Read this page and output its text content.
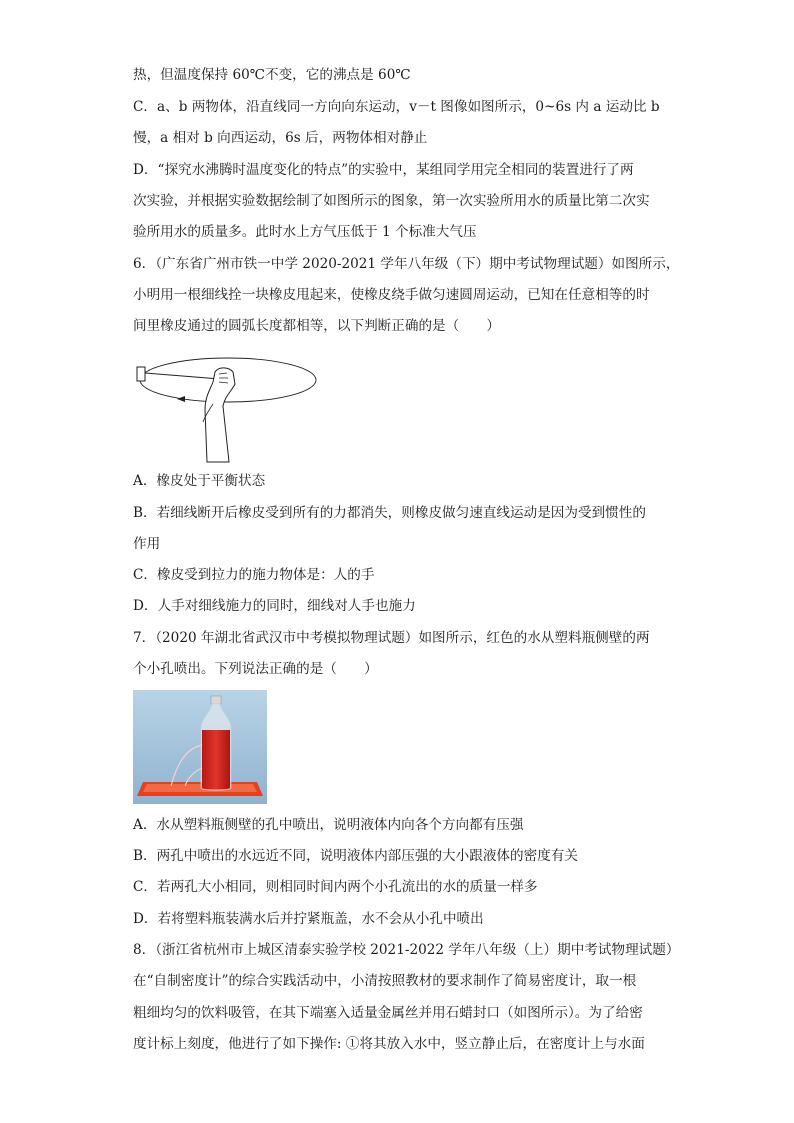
热，但温度保持 60℃不变，它的沸点是 60℃
C．a、b 两物体，沿直线同一方向向东运动，v－t 图像如图所示，0~6s 内 a 运动比 b
慢，a 相对 b 向西运动，6s 后，两物体相对静止
D．“探究水沸腾时温度变化的特点”的实验中，某组同学用完全相同的装置进行了两
次实验，并根据实验数据绘制了如图所示的图象，第一次实验所用水的质量比第二次实
验所用水的质量多。此时水上方气压低于 1 个标准大气压
6．（广东省广州市铁一中学 2020-2021 学年八年级（下）期中考试物理试题）如图所示，
小明用一根细线拴一块橡皮甩起来，使橡皮绕手做匀速圆周运动，已知在任意相等的时
间里橡皮通过的圆弧长度都相等，以下判断正确的是（　　）
A．橡皮处于平衡状态
B．若细线断开后橡皮受到所有的力都消失，则橡皮做匀速直线运动是因为受到惯性的
作用
C．橡皮受到拉力的施力物体是：人的手
D．人手对细线施力的同时，细线对人手也施力
7．（2020 年湖北省武汉市中考模拟物理试题）如图所示，红色的水从塑料瓶侧壁的两
个小孔喷出。下列说法正确的是（　　）
A．水从塑料瓶侧壁的孔中喷出，说明液体内向各个方向都有压强
B．两孔中喷出的水远近不同，说明液体内部压强的大小跟液体的密度有关
C．若两孔大小相同，则相同时间内两个小孔流出的水的质量一样多
D．若将塑料瓶装满水后并拧紧瓶盖，水不会从小孔中喷出
8．（浙江省杭州市上城区清泰实验学校 2021-2022 学年八年级（上）期中考试物理试题）
在“自制密度计”的综合实践活动中，小清按照教材的要求制作了简易密度计，取一根
粗细均匀的饮料吸管，在其下端塞入适量金属丝并用石蜡封口（如图所示）。为了给密
度计标上刻度，他进行了如下操作: ①将其放入水中，竖立静止后，在密度计上与水面
